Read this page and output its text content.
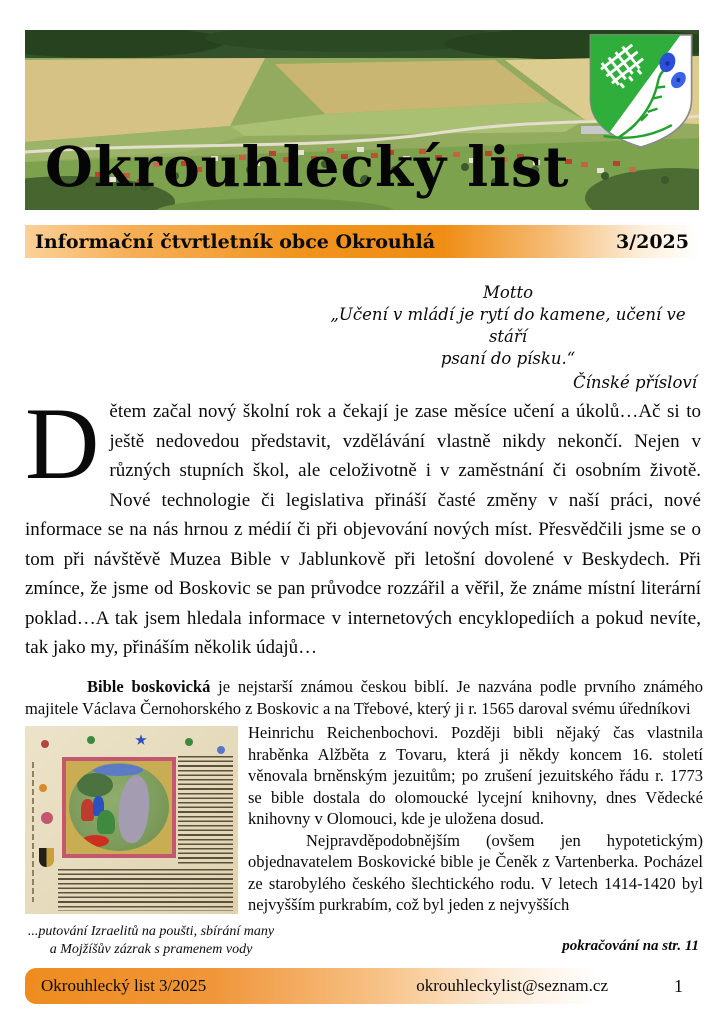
Okrouhlecký list
Informační čtvrtletník obce Okrouhlá	3/2025
Motto
„Učení v mládí je rytí do kamene, učení ve stáří
psaní do písku.“
Čínské přísloví
Dětem začal nový školní rok a čekají je zase měsíce učení a úkolů…Ač si to ještě nedovedou představit, vzdělávání vlastně nikdy nekončí. Nejen v různých stupních škol, ale celoživotně i v zaměstnání či osobním životě. Nové technologie či legislativa přináší časté změny v naší práci, nové informace se na nás hrnou z médií či při objevování nových míst. Přesvědčili jsme se o tom při návštěvě Muzea Bible v Jablunkově při letošní dovolené v Beskydech. Při zmínce, že jsme od Boskovic se pan průvodce rozzářil a věřil, že známe místní literární poklad…A tak jsem hledala informace v internetových encyklopediích a pokud nevíte, tak jako my, přináším několik údajů…

Bible boskovická je nejstarší známou českou biblí. Je nazvána podle prvního známého majitele Václava Černohorského z Boskovic a na Třebové, který ji r. 1565 daroval svému úředníkovi

Heinrichu Reichenbochovi. Později bibli nějaký čas vlastnila hraběnka Alžběta z Tovaru, která ji někdy koncem 16. století věnovala brněnským jezuitům; po zrušení jezuitského řádu r. 1773 se bible dostala do olomoucké lycejní knihovny, dnes Vědecké knihovny v Olomouci, kde je uložena dosud.

Nejpravděpodobnějším (ovšem jen hypotetickým) objednavatelem Boskovické bible je Čeněk z Vartenberka. Pocházel ze starobylého českého šlechtického rodu. V letech 1414-1420 byl nejvyšším purkrabím, což byl jeden z nejvyšších

...putování Izraelitů na poušti, sbírání many
a Mojžíšův zázrak s pramenem vody	pokračování na str. 11
Okrouhlecký list 3/2025	okrouhleckylist@seznam.cz	1
